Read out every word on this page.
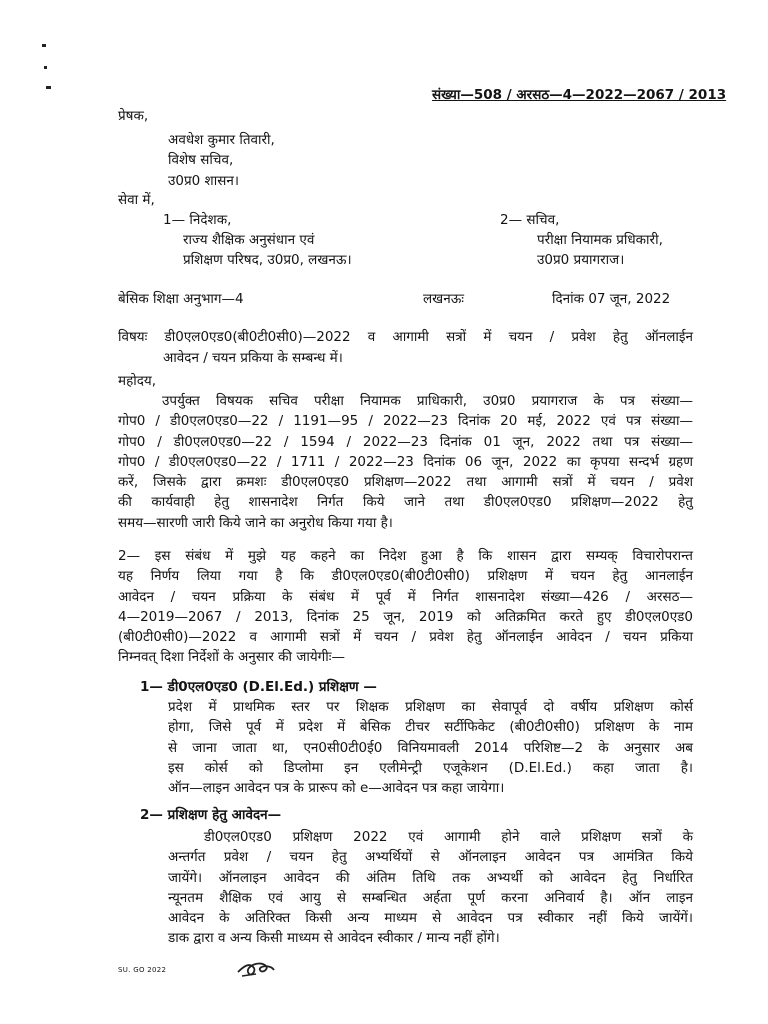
संख्या—508 / अरसठ—4—2022—2067 / 2013
प्रेषक,
अवधेश कुमार तिवारी,
विशेष सचिव,
उ0प्र0 शासन।
सेवा में,
1— निदेशक,
राज्य शैक्षिक अनुसंधान एवं
प्रशिक्षण परिषद, उ0प्र0, लखनऊ।
2— सचिव,
परीक्षा नियामक प्रधिकारी,
उ0प्र0 प्रयागराज।
बेसिक शिक्षा अनुभाग—4	लखनऊः	दिनांक 07 जून, 2022
विषयः डी0एल0एड0(बी0टी0सी0)—2022 व आगामी सत्रों में चयन / प्रवेश हेतु ऑनलाईन
आवेदन / चयन प्रकिया के सम्बन्ध में।
महोदय,
उपर्युक्त विषयक सचिव परीक्षा नियामक प्राधिकारी, उ0प्र0 प्रयागराज के पत्र संख्या—
गोप0 / डी0एल0एड0—22 / 1191—95 / 2022—23 दिनांक 20 मई, 2022 एवं पत्र संख्या—
गोप0 / डी0एल0एड0—22 / 1594 / 2022—23 दिनांक 01 जून, 2022 तथा पत्र संख्या—
गोप0 / डी0एल0एड0—22 / 1711 / 2022—23 दिनांक 06 जून, 2022 का कृपया सन्दर्भ ग्रहण
करें, जिसके द्वारा क्रमशः डी0एल0एड0 प्रशिक्षण—2022 तथा आगामी सत्रों में चयन / प्रवेश
की कार्यवाही हेतु शासनादेश निर्गत किये जाने तथा डी0एल0एड0 प्रशिक्षण—2022 हेतु
समय—सारणी जारी किये जाने का अनुरोध किया गया है।
2— इस संबंध में मुझे यह कहने का निदेश हुआ है कि शासन द्वारा सम्यक् विचारोपरान्त
यह निर्णय लिया गया है कि डी0एल0एड0(बी0टी0सी0) प्रशिक्षण में चयन हेतु आनलाईन
आवेदन / चयन प्रक्रिया के संबंध में पूर्व में निर्गत शासनादेश संख्या—426 / अरसठ—
4—2019—2067 / 2013, दिनांक 25 जून, 2019 को अतिक्रमित करते हुए डी0एल0एड0
(बी0टी0सी0)—2022 व आगामी सत्रों में चयन / प्रवेश हेतु ऑनलाईन आवेदन / चयन प्रकिया
निम्नवत् दिशा निर्देशों के अनुसार की जायेगीः—
1— डी0एल0एड0 (D.El.Ed.) प्रशिक्षण —
प्रदेश में प्राथमिक स्तर पर शिक्षक प्रशिक्षण का सेवापूर्व दो वर्षीय प्रशिक्षण कोर्स
होगा, जिसे पूर्व में प्रदेश में बेसिक टीचर सर्टीफिकेट (बी0टी0सी0) प्रशिक्षण के नाम
से जाना जाता था, एन0सी0टी0ई0 विनियमावली 2014 परिशिष्ट—2 के अनुसार अब
इस कोर्स को डिप्लोमा इन एलीमेन्ट्री एजूकेशन (D.El.Ed.) कहा जाता है।
ऑन—लाइन आवेदन पत्र के प्रारूप को e—आवेदन पत्र कहा जायेगा।
2— प्रशिक्षण हेतु आवेदन—
डी0एल0एड0 प्रशिक्षण 2022 एवं आगामी होने वाले प्रशिक्षण सत्रों के
अन्तर्गत प्रवेश / चयन हेतु अभ्यर्थियों से ऑनलाइन आवेदन पत्र आमंत्रित किये
जायेंगे। ऑनलाइन आवेदन की अंतिम तिथि तक अभ्यर्थी को आवेदन हेतु निर्धारित
न्यूनतम शैक्षिक एवं आयु से सम्बन्धित अर्हता पूर्ण करना अनिवार्य है। ऑन लाइन
आवेदन के अतिरिक्त किसी अन्य माध्यम से आवेदन पत्र स्वीकार नहीं किये जायेंगें।
डाक द्वारा व अन्य किसी माध्यम से आवेदन स्वीकार / मान्य नहीं होंगे।
SU. GO 2022
